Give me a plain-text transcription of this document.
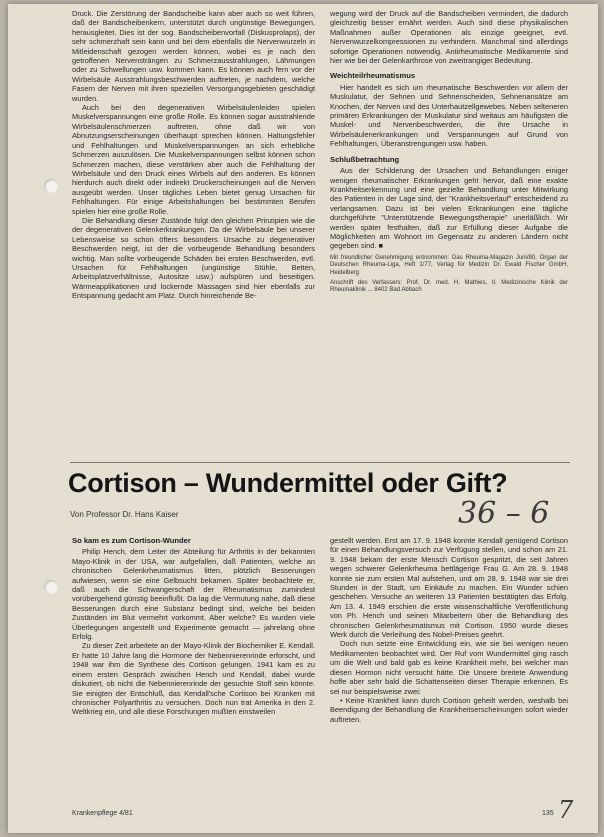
Druck. Die Zerstörung der Bandscheibe kann aber auch so weit führen, daß der Bandscheibenkern, unterstützt durch ungünstige Bewegungen, herausgleitet. Dies ist der sog. Bandscheibenvorfall (Diskusprolaps), der sehr schmerzhaft sein kann und bei dem ebenfalls die Nervenwurzeln in Mitleidenschaft gezogen werden können, wobei es je nach den getroffenen Nervensträngen zu Schmerzausstrahlungen, Lähmungen oder zu Schwellungen usw. kommen kann. Es können auch fern vor der Wirbelsäule Ausstrahlungsbeschwerden auftreten, je nachdem, welche Fasern der Nerven mit ihren speziellen Versorgungsgebieten geschädigt wurden.

Auch bei den degenerativen Wirbelsäulenleiden spielen Muskelverspannungen eine große Rolle. Es können sogar ausstrahlende Wirbelsäulenschmerzen auftreten, ohne daß wir von Abnutzungserscheinungen überhaupt sprechen können. Haltungsfehler und Fehlhaltungen und Muskelverspannungen an sich erhebliche Schmerzen auszulösen. Die Muskelverspannungen selbst können schon Schmerzen machen, diese verstärken aber auch die Fehlhaltung der Wirbelsäule und den Druck eines Wirbels auf den anderen. Es können hierdurch auch direkt oder indirekt Druckerscheinungen auf die Nerven ausgeübt werden. Unser tägliches Leben bietet genug Ursachen für Fehlhaltungen. Für einige Arbeitshaltungen bei bestimmten Berufen spielen hier eine große Rolle.

Die Behandlung dieser Zustände folgt den gleichen Prinzipien wie die der degenerativen Gelenkerkrankungen. Da die Wirbelsäule bei unserer Lebensweise so schon öfters besonders Ursache zu degenerativer Beschwerden neigt, ist der die vorbeugende Behandlung besonders wichtig. Man sollte vorbeugende Schäden bei ersten Beschwerden, evtl. Ursachen für Fehlhaltungen (ungünstige Stühle, Betten, Arbeitsplatzverhältnisse, Autositze usw.) aufspüren und beseitigen. Wärmeapplikationen und lockernde Massagen sind hier ebenfalls zur Entspannung gedacht am Platz. Durch hinreichende Be-

wegung wird der Druck auf die Bandscheiben vermindert, die dadurch gleichzeitig besser ernährt werden. Auch sind diese physikalischen Maßnahmen außer Operationen als einzige geeignet, evtl. Nervenwurzelkompressionen zu verhindern. Manchmal sind allerdings sofortige Operationen notwendig. Antirheumatische Medikamente sind hier wie bei der Gelenkarthrose von zweitrangiger Bedeutung.

Weichteilrheumatismus

Hier handelt es sich um rheumatische Beschwerden vor allem der Muskulatur, der Sehnen und Sehnenscheiden, Sehnenansätze am Knochen, der Nerven und des Unterhautzellgewebes. Neben selteneren primären Erkrankungen der Muskulatur sind weitaus am häufigsten die Muskel- und Nervenbeschwerden, die ihre Ursache in Wirbelsäulenerkrankungen und Verspannungen auf Grund von Fehlhaltungen, Überanstrengungen usw. haben.

Schlußbetrachtung

Aus der Schilderung der Ursachen und Behandlungen einiger wenigen rheumatischer Erkrankungen geht hervor, daß eine exakte Krankheitserkennung und eine gezielte Behandlung unter Mitwirkung des Patienten in der Lage sind, der "Krankheitsverlauf" entscheidend zu verlangsamen. Dazu ist bei vielen Erkrankungen eine tägliche durchgeführte "Unterstützende Bewegungstherapie" unerläßlich. Wir werden später festhalten, daß zur Erfüllung dieser Aufgabe die Möglichkeiten am Wohnort im Gegensatz zu anderen Ländern nicht gegeben sind. ■

Mit freundlicher Genehmigung entnommen: Das Rheuma-Magazin Juni/80, Organ der Deutschen Rheuma-Liga, Heft 1/77, Verlag für Medizin Dr. Ewald Fischer GmbH, Heidelberg

Anschrift des Verfassers: Prof. Dr. med. H. Mathies, II. Medizinische Klinik der Rheumaklinik ... 8402 Bad Abbach

Cortison – Wundermittel oder Gift?
Von Professor Dr. Hans Kaiser	36 – 6
So kam es zum Cortison-Wunder

Philip Hench, dem Leiter der Abteilung für Arthritis in der bekannten Mayo-Klinik in der USA, war aufgefallen, daß Patienten, welche an chronischen Gelenkrheumatismus litten, plötzlich Besserungen aufwiesen, wenn sie eine Gelbsucht bekamen. Später beobachtete er, daß auch die Schwangerschaft der Rheumatismus zumindest vorübergehend günstig beeinflußt. Da lag die Vermutung nahe, daß diese Besserungen durch eine Substanz bedingt sind, welche bei beiden Zuständen im Blut vermehrt vorkommt. Aber welche? Es wurden viele Überlegungen angestellt und Experimente gemacht — jahrelang ohne Erfolg.

Zu dieser Zeit arbeitete an der Mayo-Klinik der Biochemiker E. Kendall. Er hatte 10 Jahre lang die Hormone der Nebennierenrinde erforscht, und 1948 war ihm die Synthese des Cortison gelungen. 1941 kam es zu einem ersten Gespräch zwischen Hench und Kendall, dabei wurde diskutiert, ob nicht die Nebennierenrinde der gesuchte Stoff sein könnte. Sie einigten der Entschluß, das Kendall'sche Cortison bei Kranken mit chronischer Polyarthritis zu versuchen. Doch nun trat Amerika in den 2. Weltkrieg ein, und alle diese Forschungen mußten einstweilen

gestellt werden. Erst am 17. 9. 1948 konnte Kendall genügend Cortison für einen Behandlungsversuch zur Verfügung stellen, und schon am 21. 9. 1948 bekam der erste Mensch Cortison gespritzt, die seit Jahren wegen schwerer Gelenkrheuma bettlägerige Frau G. Am 28. 9. 1948 konnte sie zum ersten Mal aufstehen, und am 28. 9. 1948 war sie drei Stunden in der Stadt, um Einkäufe zu machen. Ein Wunder schien geschehen. Versuche an weiteren 13 Patienten bestätigten das Erfolg. Am 13. 4. 1949 erschien die erste wissenschaftliche Veröffentlichung von Ph. Hench und seinen Mitarbeitern über die Behandlung des chronischen Gelenkrheumatismus mit Cortison. 1950 wurde dieses Werk durch die Verleihung des Nobel-Preises geehrt.

Doch nun setzte eine Entwicklung ein, wie sie bei wenigen neuen Medikamenten beobachtet wird. Der Ruf vom Wundermittel ging rasch um die Welt und bald gab es keine Krankheit mehr, bei welcher man diesen Hormon nicht versucht hätte. Die Unsere breitete Anwendung hoffe aber sehr bald die Schattenseiten dieser Therapie erkennen. Es sei nur beispielsweise zwei:

• Keine Krankheit kann durch Cortison geheilt werden, weshalb bei Beendigung der Behandlung die Krankheitserscheinungen sofort wieder auftreten.

Krankenpflege 4/81	135 7
